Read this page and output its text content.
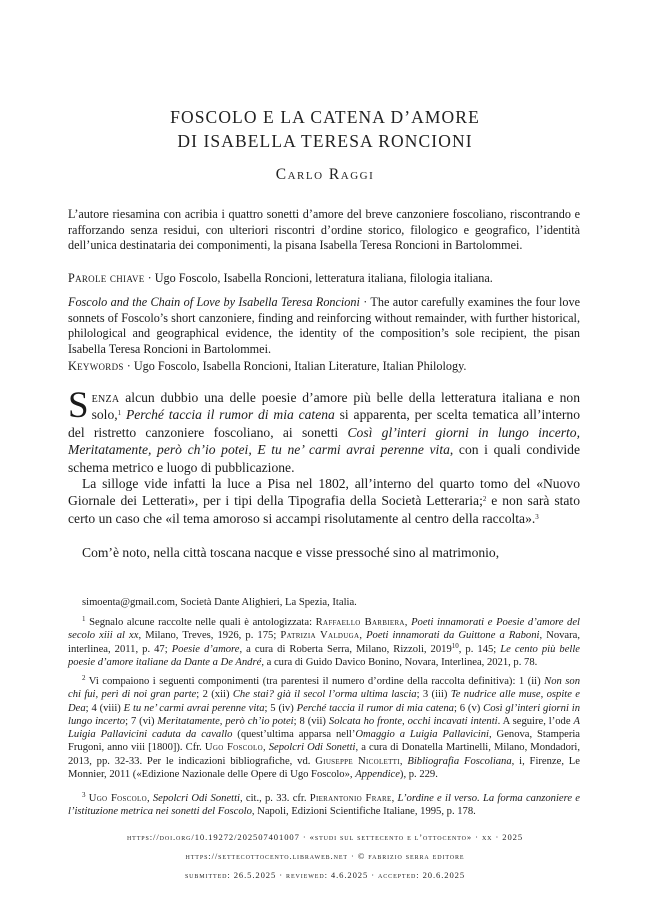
FOSCOLO E LA CATENA D’AMORE
DI ISABELLA TERESA RONCIONI
Carlo Raggi
L’autore riesamina con acribia i quattro sonetti d’amore del breve canzoniere foscoliano, riscontrando e rafforzando senza residui, con ulteriori riscontri d’ordine storico, filologico e geografico, l’identità dell’unica destinataria dei componimenti, la pisana Isabella Teresa Roncioni in Bartolommei.
Parole chiave · Ugo Foscolo, Isabella Roncioni, letteratura italiana, filologia italiana.
Foscolo and the Chain of Love by Isabella Teresa Roncioni · The autor carefully examines the four love sonnets of Foscolo’s short canzoniere, finding and reinforcing without remainder, with further historical, philological and geographical evidence, the identity of the composition’s sole recipient, the pisan Isabella Teresa Roncioni in Bartolommei.
Keywords · Ugo Foscolo, Isabella Roncioni, Italian Literature, Italian Philology.
Senza alcun dubbio una delle poesie d’amore più belle della letteratura italiana e non solo,$^1$ Perché taccia il rumor di mia catena si apparenta, per scelta tematica all’interno del ristretto canzoniere foscoliano, ai sonetti Così gl’interi giorni in lungo incerto, Meritatamente, però ch’io potei, E tu ne’ carmi avrai perenne vita, con i quali condivide schema metrico e luogo di pubblicazione.
La silloge vide infatti la luce a Pisa nel 1802, all’interno del quarto tomo del «Nuovo Giornale dei Letterati», per i tipi della Tipografia della Società Letteraria;$^2$ e non sarà stato certo un caso che «il tema amoroso si accampi risolutamente al centro della raccolta».$^3$
Com’è noto, nella città toscana nacque e visse pressoché sino al matrimonio,
simoenta@gmail.com, Società Dante Alighieri, La Spezia, Italia.
$^1$ Segnalo alcune raccolte nelle quali è antologizzata: Raffaello Barbiera, Poeti innamorati e Poesie d’amore del secolo xiii al xx, Milano, Treves, 1926, p. 175; Patrizia Valduga, Poeti innamorati da Guittone a Raboni, Novara, interlinea, 2011, p. 47; Poesie d’amore, a cura di Roberta Serra, Milano, Rizzoli, 2019$^{10}$, p. 145; Le cento più belle poesie d’amore italiane da Dante a De André, a cura di Guido Davico Bonino, Novara, Interlinea, 2021, p. 78.
$^2$ Vi compaiono i seguenti componimenti (tra parentesi il numero d’ordine della raccolta definitiva): 1 (ii) Non son chi fui, perì di noi gran parte; 2 (xii) Che stai? già il secol l’orma ultima lascia; 3 (iii) Te nudrice alle muse, ospite e Dea; 4 (viii) E tu ne’ carmi avrai perenne vita; 5 (iv) Perché taccia il rumor di mia catena; 6 (v) Così gl’interi giorni in lungo incerto; 7 (vi) Meritatamente, però ch’io potei; 8 (vii) Solcata ho fronte, occhi incavati intenti. A seguire, l’ode A Luigia Pallavicini caduta da cavallo (quest’ultima apparsa nell’Omaggio a Luigia Pallavicini, Genova, Stamperia Frugoni, anno viii [1800]). Cfr. Ugo Foscolo, Sepolcri Odi Sonetti, a cura di Donatella Martinelli, Milano, Mondadori, 2013, pp. 32-33. Per le indicazioni bibliografiche, vd. Giuseppe Nicoletti, Bibliografia Foscoliana, i, Firenze, Le Monnier, 2011 («Edizione Nazionale delle Opere di Ugo Foscolo», Appendice), p. 229.
$^3$ Ugo Foscolo, Sepolcri Odi Sonetti, cit., p. 33. cfr. Pierantonio Frare, L’ordine e il verso. La forma canzoniere e l’istituzione metrica nei sonetti del Foscolo, Napoli, Edizioni Scientifiche Italiane, 1995, p. 178.
https://doi.org/10.19272/202507401007 · «studi sul settecento e l’ottocento» · xx · 2025
https://settecottocento.libraweb.net · © fabrizio serra editore
submitted: 26.5.2025 · reviewed: 4.6.2025 · accepted: 20.6.2025
